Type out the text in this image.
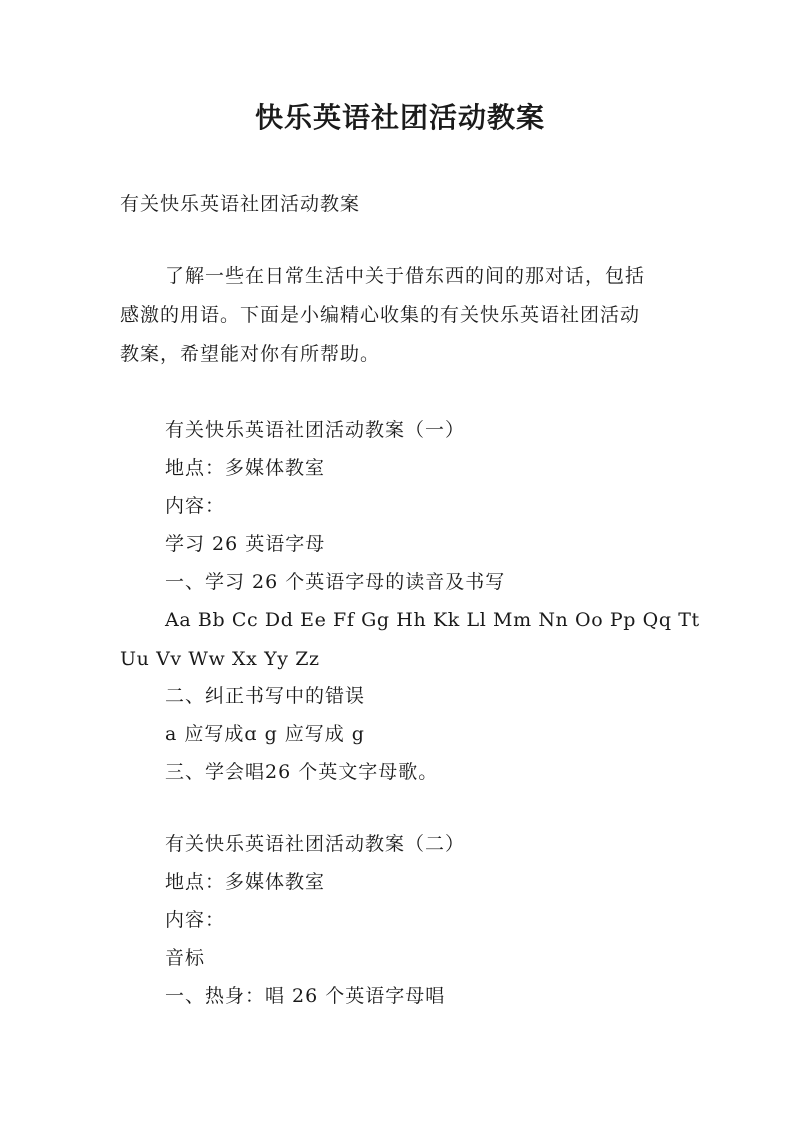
快乐英语社团活动教案

有关快乐英语社团活动教案

了解一些在日常生活中关于借东西的间的那对话，包括

感激的用语。下面是小编精心收集的有关快乐英语社团活动

教案，希望能对你有所帮助。

有关快乐英语社团活动教案（一）

地点：多媒体教室

内容：

学习 26 英语字母

一、学习 26 个英语字母的读音及书写

Aa Bb Cc Dd Ee Ff Gg Hh Kk Ll Mm Nn Oo Pp Qq Tt

Uu Vv Ww Xx Yy Zz

二、纠正书写中的错误

a 应写成ɑ g 应写成 g

三、学会唱26 个英文字母歌。

有关快乐英语社团活动教案（二）

地点：多媒体教室

内容：

音标

一、热身：唱 26 个英语字母唱
